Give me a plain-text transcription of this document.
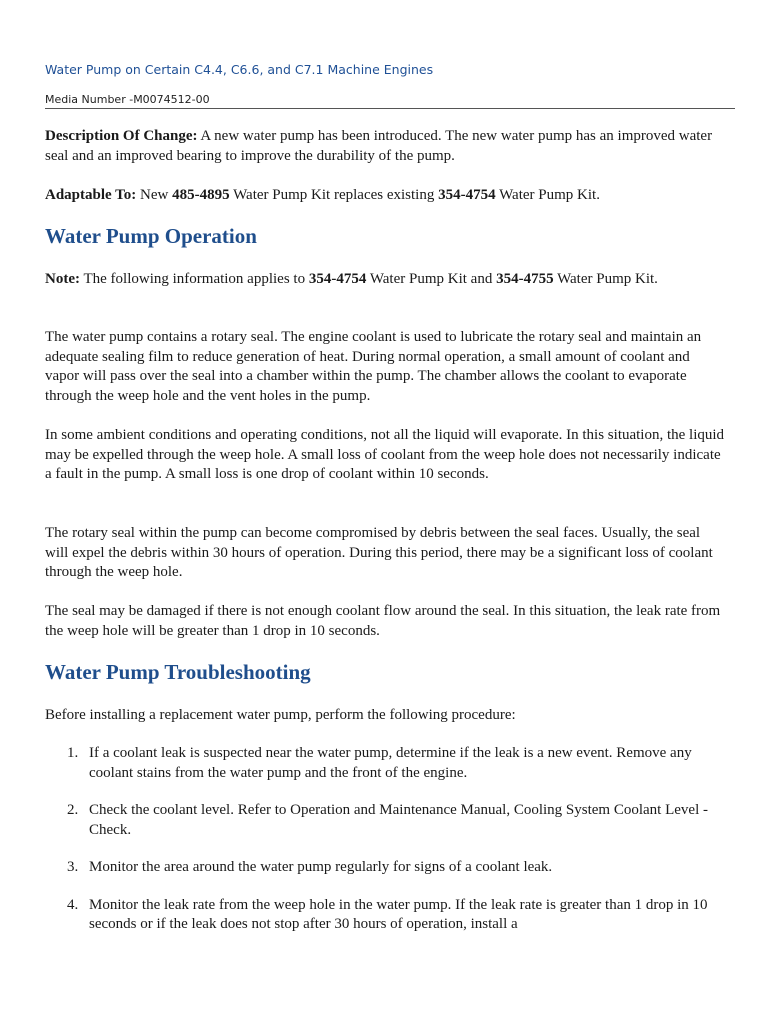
Water Pump on Certain C4.4, C6.6, and C7.1 Machine Engines
Media Number -M0074512-00

Description Of Change: A new water pump has been introduced. The new water pump has an improved water seal and an improved bearing to improve the durability of the pump.

Adaptable To: New 485-4895 Water Pump Kit replaces existing 354-4754 Water Pump Kit.

Water Pump Operation

Note: The following information applies to 354-4754 Water Pump Kit and 354-4755 Water Pump Kit.

The water pump contains a rotary seal. The engine coolant is used to lubricate the rotary seal and maintain an adequate sealing film to reduce generation of heat. During normal operation, a small amount of coolant and vapor will pass over the seal into a chamber within the pump. The chamber allows the coolant to evaporate through the weep hole and the vent holes in the pump.

In some ambient conditions and operating conditions, not all the liquid will evaporate. In this situation, the liquid may be expelled through the weep hole. A small loss of coolant from the weep hole does not necessarily indicate a fault in the pump. A small loss is one drop of coolant within 10 seconds.

The rotary seal within the pump can become compromised by debris between the seal faces. Usually, the seal will expel the debris within 30 hours of operation. During this period, there may be a significant loss of coolant through the weep hole.

The seal may be damaged if there is not enough coolant flow around the seal. In this situation, the leak rate from the weep hole will be greater than 1 drop in 10 seconds.

Water Pump Troubleshooting

Before installing a replacement water pump, perform the following procedure:

1. If a coolant leak is suspected near the water pump, determine if the leak is a new event. Remove any coolant stains from the water pump and the front of the engine.
2. Check the coolant level. Refer to Operation and Maintenance Manual, Cooling System Coolant Level - Check.
3. Monitor the area around the water pump regularly for signs of a coolant leak.
4. Monitor the leak rate from the weep hole in the water pump. If the leak rate is greater than 1 drop in 10 seconds or if the leak does not stop after 30 hours of operation, install a
